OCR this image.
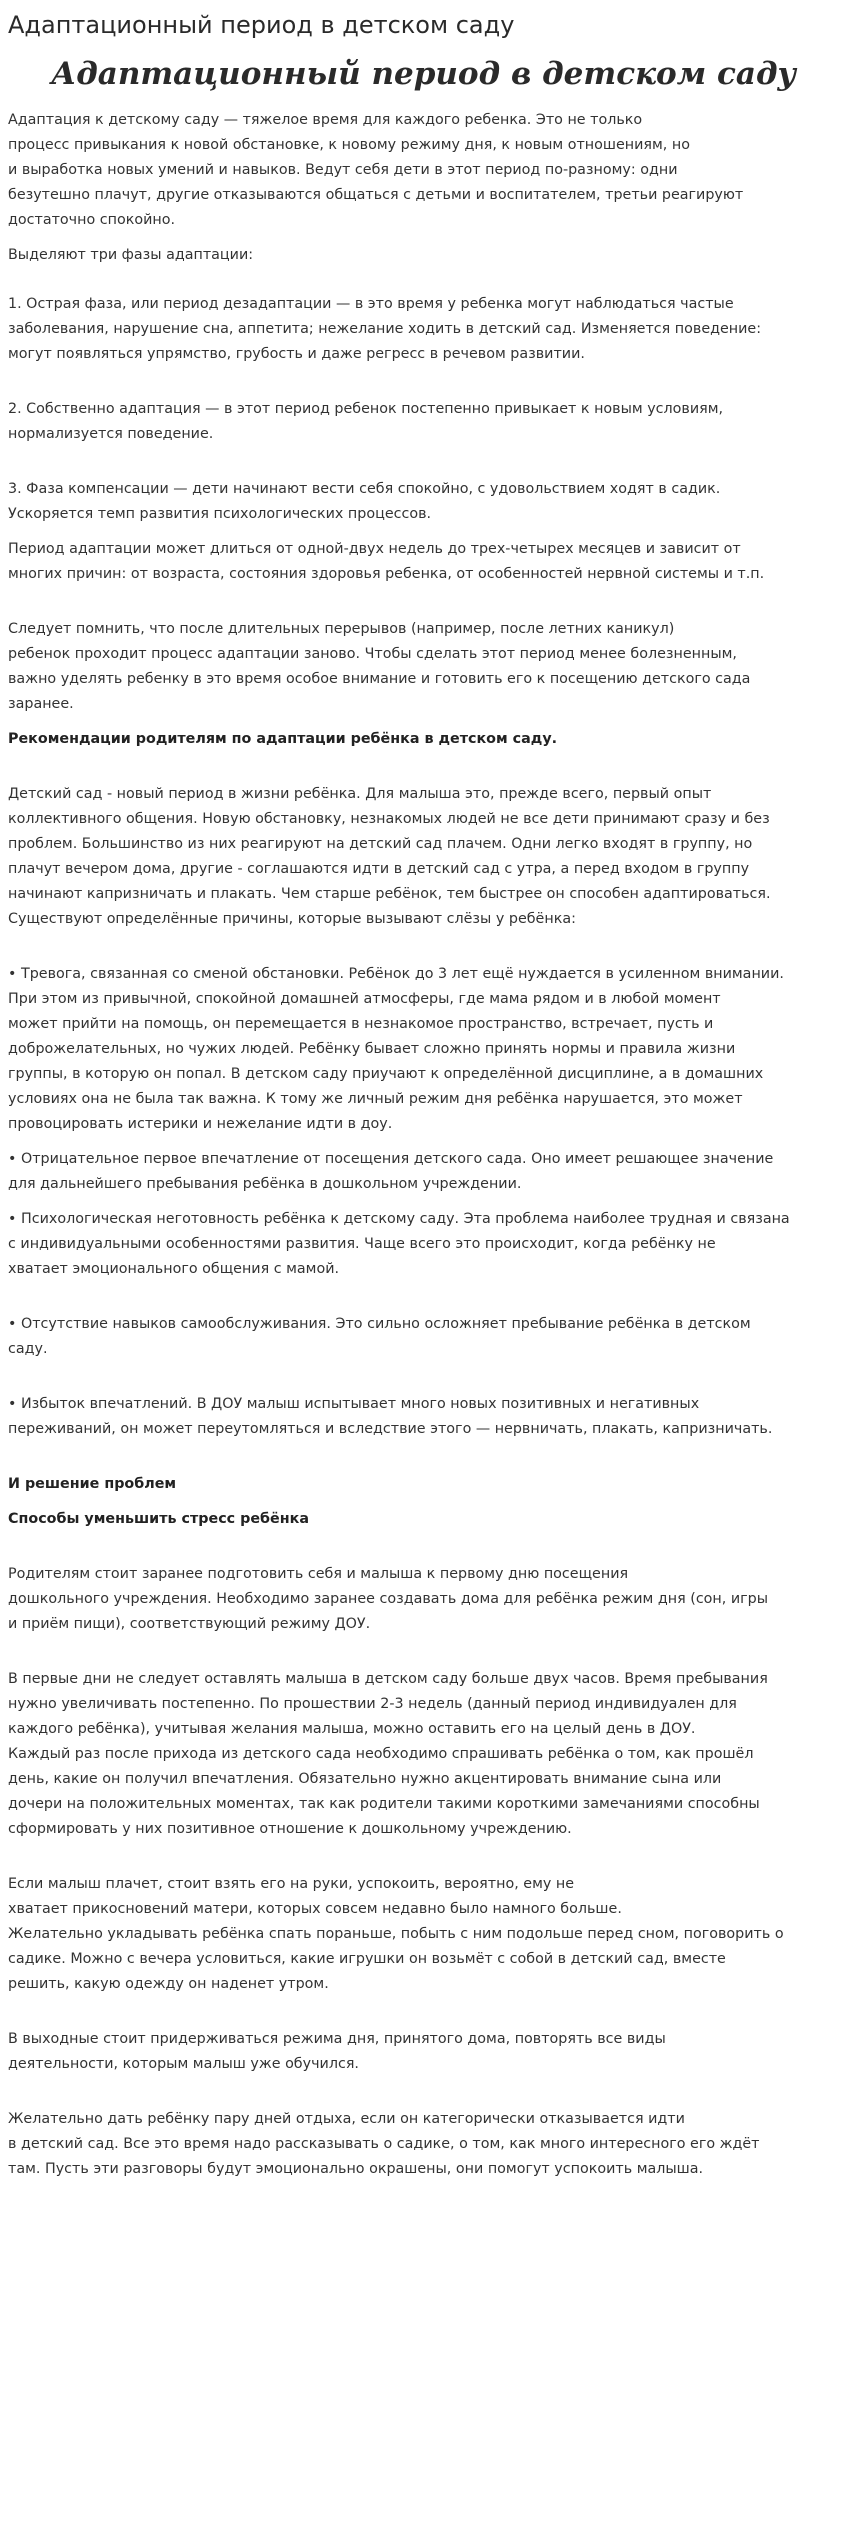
Адаптационный период в детском саду
Адаптационный период в детском саду
Адаптация к детскому саду — тяжелое время для каждого ребенка. Это не только
процесс привыкания к новой обстановке, к новому режиму дня, к новым отношениям, но
и выработка новых умений и навыков. Ведут себя дети в этот период по-разному: одни
безутешно плачут, другие отказываются общаться с детьми и воспитателем, третьи реагируют
достаточно спокойно.
Выделяют три фазы адаптации:
1. Острая фаза, или период дезадаптации — в это время у ребенка могут наблюдаться частые
заболевания, нарушение сна, аппетита; нежелание ходить в детский сад. Изменяется поведение:
могут появляться упрямство, грубость и даже регресс в речевом развитии.
2. Собственно адаптация — в этот период ребенок постепенно привыкает к новым условиям,
нормализуется поведение.
3. Фаза компенсации — дети начинают вести себя спокойно, с удовольствием ходят в садик.
Ускоряется темп развития психологических процессов.
Период адаптации может длиться от одной-двух недель до трех-четырех месяцев и зависит от
многих причин: от возраста, состояния здоровья ребенка, от особенностей нервной системы и т.п.
Следует помнить, что после длительных перерывов (например, после летних каникул)
ребенок проходит процесс адаптации заново. Чтобы сделать этот период менее болезненным,
важно уделять ребенку в это время особое внимание и готовить его к посещению детского сада
заранее.
Рекомендации родителям по адаптации ребёнка в детском саду.
Детский сад - новый период в жизни ребёнка. Для малыша это, прежде всего, первый опыт
коллективного общения. Новую обстановку, незнакомых людей не все дети принимают сразу и без
проблем. Большинство из них реагируют на детский сад плачем. Одни легко входят в группу, но
плачут вечером дома, другие - соглашаются идти в детский сад с утра, а перед входом в группу
начинают капризничать и плакать. Чем старше ребёнок, тем быстрее он способен адаптироваться.
Существуют определённые причины, которые вызывают слёзы у ребёнка:
• Тревога, связанная со сменой обстановки. Ребёнок до 3 лет ещё нуждается в усиленном внимании.
При этом из привычной, спокойной домашней атмосферы, где мама рядом и в любой момент
может прийти на помощь, он перемещается в незнакомое пространство, встречает, пусть и
доброжелательных, но чужих людей. Ребёнку бывает сложно принять нормы и правила жизни
группы, в которую он попал. В детском саду приучают к определённой дисциплине, а в домашних
условиях она не была так важна. К тому же личный режим дня ребёнка нарушается, это может
провоцировать истерики и нежелание идти в доу.
• Отрицательное первое впечатление от посещения детского сада. Оно имеет решающее значение
для дальнейшего пребывания ребёнка в дошкольном учреждении.
• Психологическая неготовность ребёнка к детскому саду. Эта проблема наиболее трудная и связана
с индивидуальными особенностями развития. Чаще всего это происходит, когда ребёнку не
хватает эмоционального общения с мамой.
• Отсутствие навыков самообслуживания. Это сильно осложняет пребывание ребёнка в детском
саду.
• Избыток впечатлений. В ДОУ малыш испытывает много новых позитивных и негативных
переживаний, он может переутомляться и вследствие этого — нервничать, плакать, капризничать.
И решение проблем
Способы уменьшить стресс ребёнка
Родителям стоит заранее подготовить себя и малыша к первому дню посещения
дошкольного учреждения. Необходимо заранее создавать дома для ребёнка режим дня (сон, игры
и приём пищи), соответствующий режиму ДОУ.
В первые дни не следует оставлять малыша в детском саду больше двух часов. Время пребывания
нужно увеличивать постепенно. По прошествии 2-3 недель (данный период индивидуален для
каждого ребёнка), учитывая желания малыша, можно оставить его на целый день в ДОУ.
Каждый раз после прихода из детского сада необходимо спрашивать ребёнка о том, как прошёл
день, какие он получил впечатления. Обязательно нужно акцентировать внимание сына или
дочери на положительных моментах, так как родители такими короткими замечаниями способны
сформировать у них позитивное отношение к дошкольному учреждению.
Если малыш плачет, стоит взять его на руки, успокоить, вероятно, ему не
хватает прикосновений матери, которых совсем недавно было намного больше.
Желательно укладывать ребёнка спать пораньше, побыть с ним подольше перед сном, поговорить о
садике. Можно с вечера условиться, какие игрушки он возьмёт с собой в детский сад, вместе
решить, какую одежду он наденет утром.
В выходные стоит придерживаться режима дня, принятого дома, повторять все виды
деятельности, которым малыш уже обучился.
Желательно дать ребёнку пару дней отдыха, если он категорически отказывается идти
в детский сад. Все это время надо рассказывать о садике, о том, как много интересного его ждёт
там. Пусть эти разговоры будут эмоционально окрашены, они помогут успокоить малыша.
